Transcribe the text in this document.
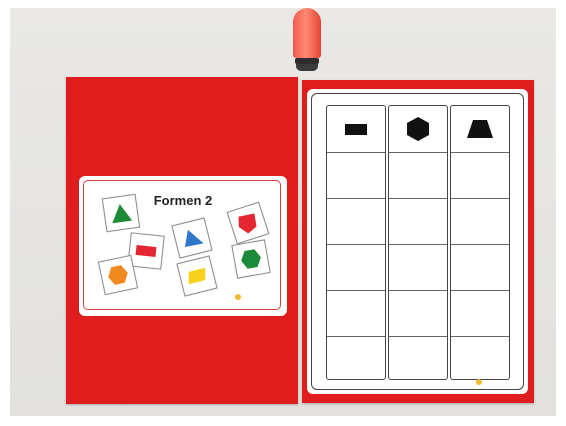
Formen 2
